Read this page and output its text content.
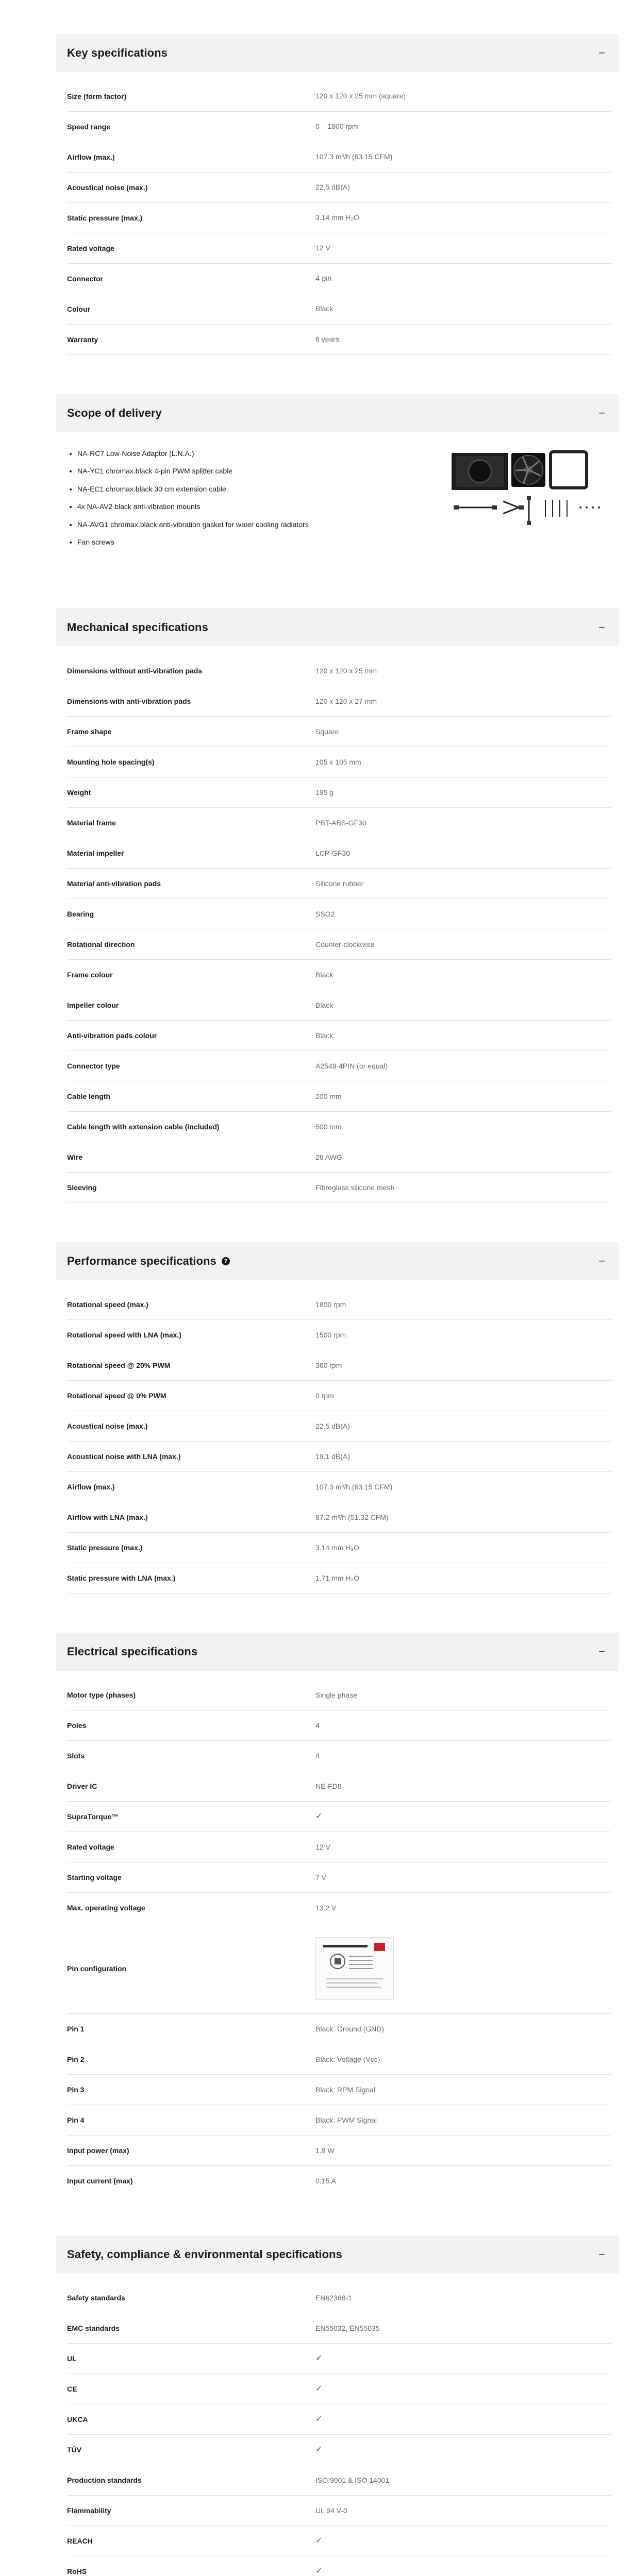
Key specifications	−
Size (form factor)	120 x 120 x 25 mm (square)
Speed range	0 – 1800 rpm
Airflow (max.)	107.3 m³/h (63.15 CFM)
Acoustical noise (max.)	22.5 dB(A)
Static pressure (max.)	3.14 mm H₂O
Rated voltage	12 V
Connector	4-pin
Colour	Black
Warranty	6 years
Scope of delivery	−
• NA-RC7 Low-Noise Adaptor (L.N.A.)
• NA-YC1 chromax.black 4-pin PWM splitter cable
• NA-EC1 chromax.black 30 cm extension cable
• 4x NA-AV2 black anti-vibration mounts
• NA-AVG1 chromax.black anti-vibration gasket for water cooling radiators
• Fan screws
Mechanical specifications	−
Dimensions without anti-vibration pads	120 x 120 x 25 mm
Dimensions with anti-vibration pads	120 x 120 x 27 mm
Frame shape	Square
Mounting hole spacing(s)	105 x 105 mm
Weight	195 g
Material frame	PBT-ABS-GF30
Material impeller	LCP-GF30
Material anti-vibration pads	Silicone rubber
Bearing	SSO2
Rotational direction	Counter-clockwise
Frame colour	Black
Impeller colour	Black
Anti-vibration pads colour	Black
Connector type	A2549-4PIN (or equal)
Cable length	200 mm
Cable length with extension cable (included)	500 mm
Wire	26 AWG
Sleeving	Fibreglass silicone mesh
Performance specifications	?	−
Rotational speed (max.)	1800 rpm
Rotational speed with LNA (max.)	1500 rpm
Rotational speed @ 20% PWM	360 rpm
Rotational speed @ 0% PWM	0 rpm
Acoustical noise (max.)	22.5 dB(A)
Acoustical noise with LNA (max.)	19.1 dB(A)
Airflow (max.)	107.3 m³/h (63.15 CFM)
Airflow with LNA (max.)	87.2 m³/h (51.32 CFM)
Static pressure (max.)	3.14 mm H₂O
Static pressure with LNA (max.)	1.71 mm H₂O
Electrical specifications	−
Motor type (phases)	Single phase
Poles	4
Slots	4
Driver IC	NE-FD8
SupraTorque™	✓
Rated voltage	12 V
Starting voltage	7 V
Max. operating voltage	13.2 V
Pin configuration
Pin 1	Black: Ground (GND)
Pin 2	Black: Voltage (Vcc)
Pin 3	Black: RPM Signal
Pin 4	Black: PWM Signal
Input power (max)	1.8 W
Input current (max)	0.15 A
Safety, compliance & environmental specifications	−
Safety standards	EN62368-1
EMC standards	EN55032, EN55035
UL	✓
CE	✓
UKCA	✓
TÜV	✓
Production standards	ISO 9001 & ISO 14001
Flammability	UL 94 V-0
REACH	✓
RoHS	✓
